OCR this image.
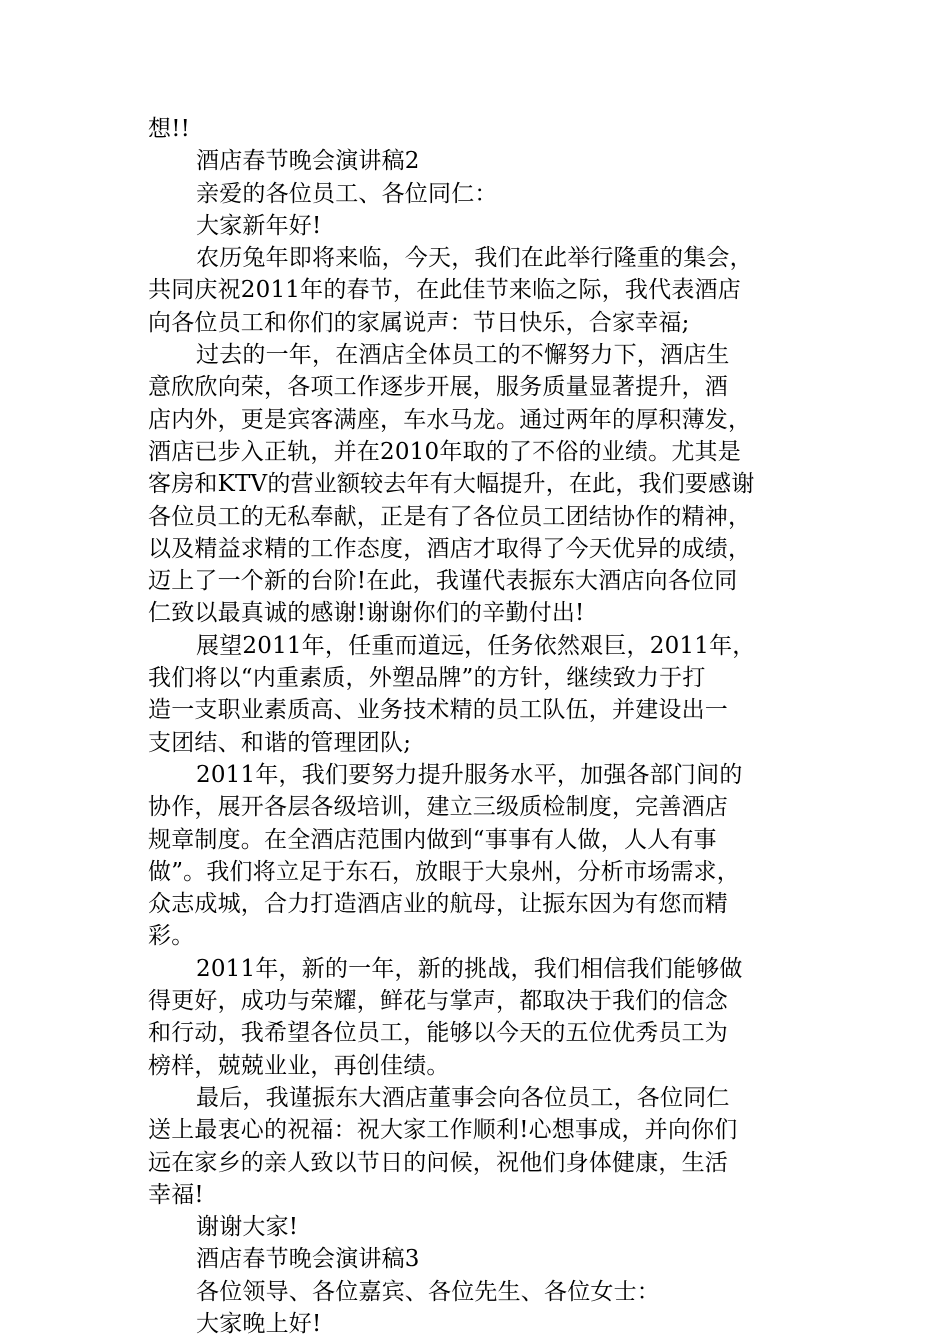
想!!
酒店春节晚会演讲稿2
亲爱的各位员工、各位同仁：
大家新年好!
农历兔年即将来临，今天，我们在此举行隆重的集会，
共同庆祝2011年的春节，在此佳节来临之际，我代表酒店
向各位员工和你们的家属说声：节日快乐，合家幸福;
过去的一年，在酒店全体员工的不懈努力下，酒店生
意欣欣向荣，各项工作逐步开展，服务质量显著提升，酒
店内外，更是宾客满座，车水马龙。通过两年的厚积薄发，
酒店已步入正轨，并在2010年取的了不俗的业绩。尤其是
客房和KTV的营业额较去年有大幅提升，在此，我们要感谢
各位员工的无私奉献，正是有了各位员工团结协作的精神，
以及精益求精的工作态度，酒店才取得了今天优异的成绩，
迈上了一个新的台阶!在此，我谨代表振东大酒店向各位同
仁致以最真诚的感谢!谢谢你们的辛勤付出!
展望2011年，任重而道远，任务依然艰巨，2011年，
我们将以“内重素质，外塑品牌”的方针，继续致力于打
造一支职业素质高、业务技术精的员工队伍，并建设出一
支团结、和谐的管理团队;
2011年，我们要努力提升服务水平，加强各部门间的
协作，展开各层各级培训，建立三级质检制度，完善酒店
规章制度。在全酒店范围内做到“事事有人做，人人有事
做”。我们将立足于东石，放眼于大泉州，分析市场需求，
众志成城，合力打造酒店业的航母，让振东因为有您而精
彩。
2011年，新的一年，新的挑战，我们相信我们能够做
得更好，成功与荣耀，鲜花与掌声，都取决于我们的信念
和行动，我希望各位员工，能够以今天的五位优秀员工为
榜样，兢兢业业，再创佳绩。
最后，我谨振东大酒店董事会向各位员工，各位同仁
送上最衷心的祝福：祝大家工作顺利!心想事成，并向你们
远在家乡的亲人致以节日的问候，祝他们身体健康，生活
幸福!
谢谢大家!
酒店春节晚会演讲稿3
各位领导、各位嘉宾、各位先生、各位女士：
大家晚上好!
